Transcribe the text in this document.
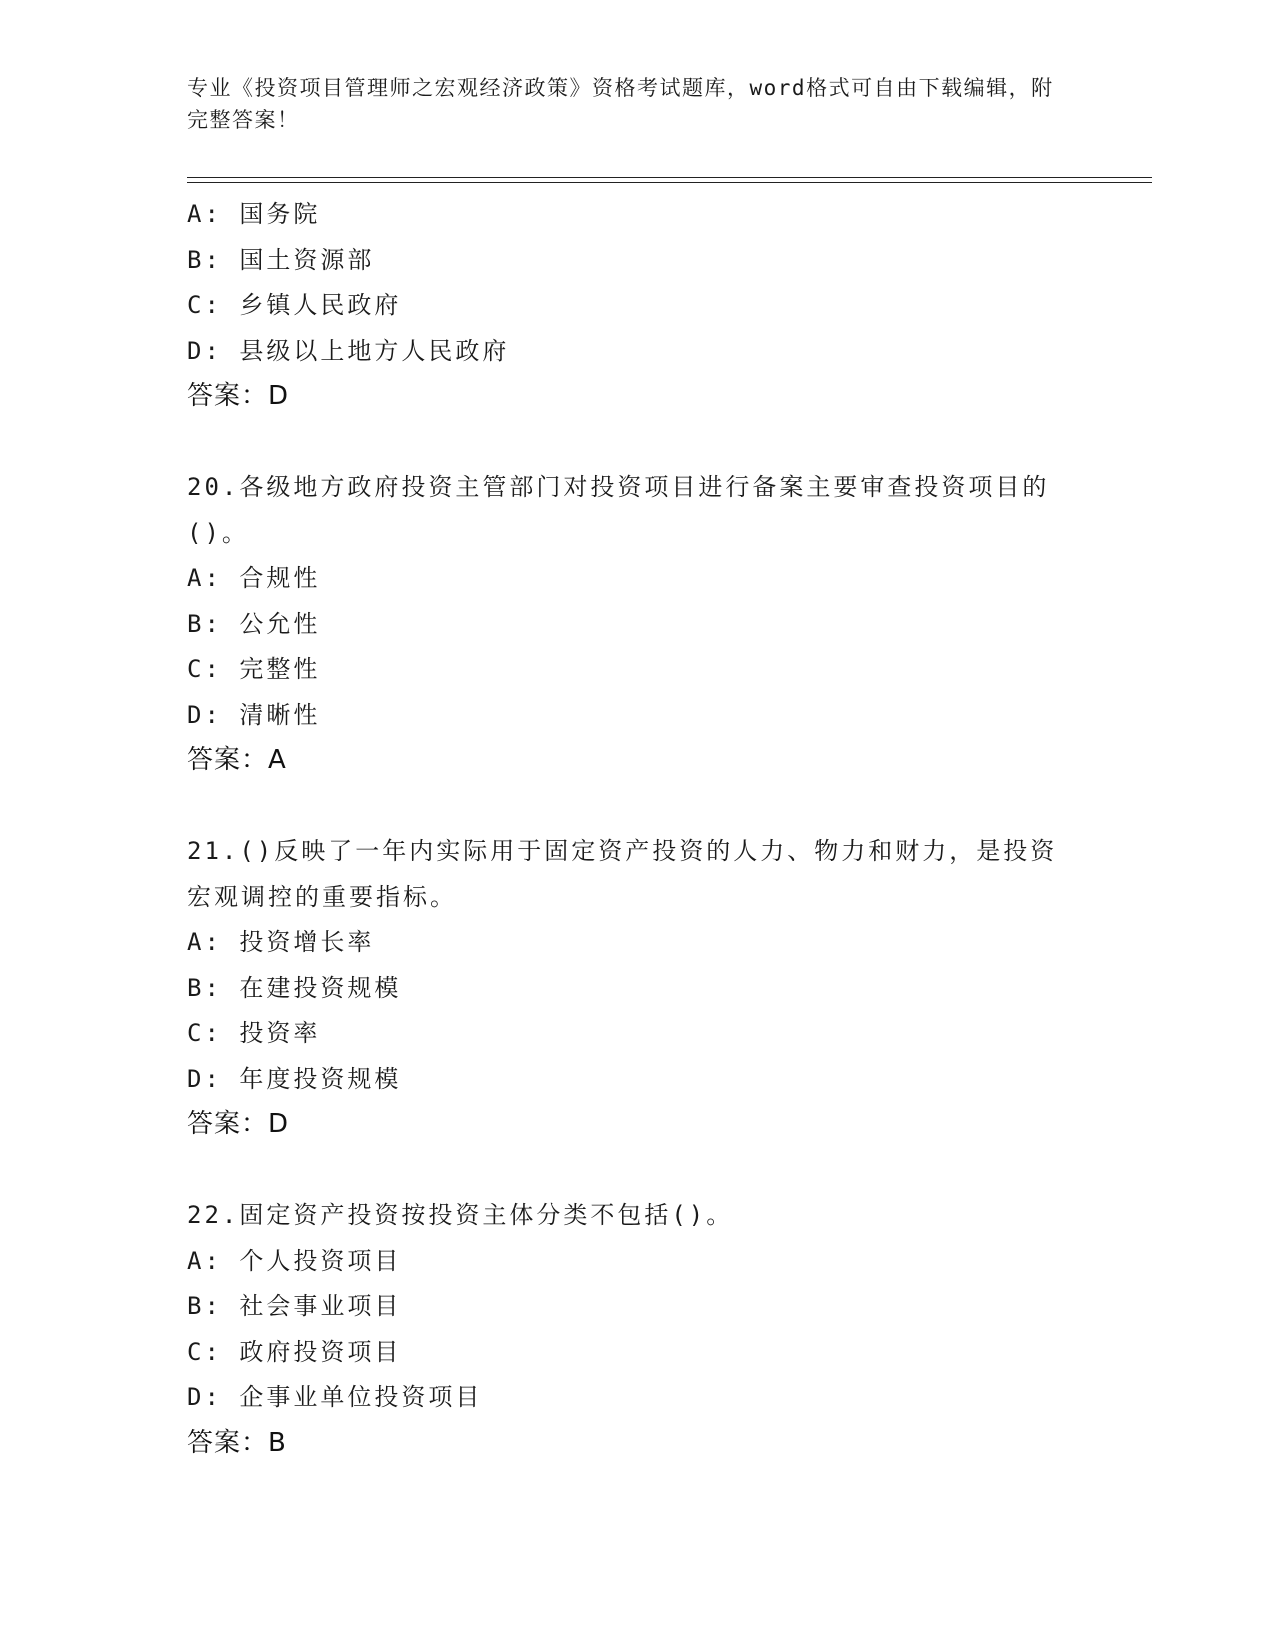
专业《投资项目管理师之宏观经济政策》资格考试题库，word格式可自由下载编辑，附完整答案！
A: 国务院
B: 国土资源部
C: 乡镇人民政府
D: 县级以上地方人民政府
答案：D
20.各级地方政府投资主管部门对投资项目进行备案主要审查投资项目的()。
A: 合规性
B: 公允性
C: 完整性
D: 清晰性
答案：A
21.()反映了一年内实际用于固定资产投资的人力、物力和财力，是投资宏观调控的重要指标。
A: 投资增长率
B: 在建投资规模
C: 投资率
D: 年度投资规模
答案：D
22.固定资产投资按投资主体分类不包括()。
A: 个人投资项目
B: 社会事业项目
C: 政府投资项目
D: 企事业单位投资项目
答案：B
